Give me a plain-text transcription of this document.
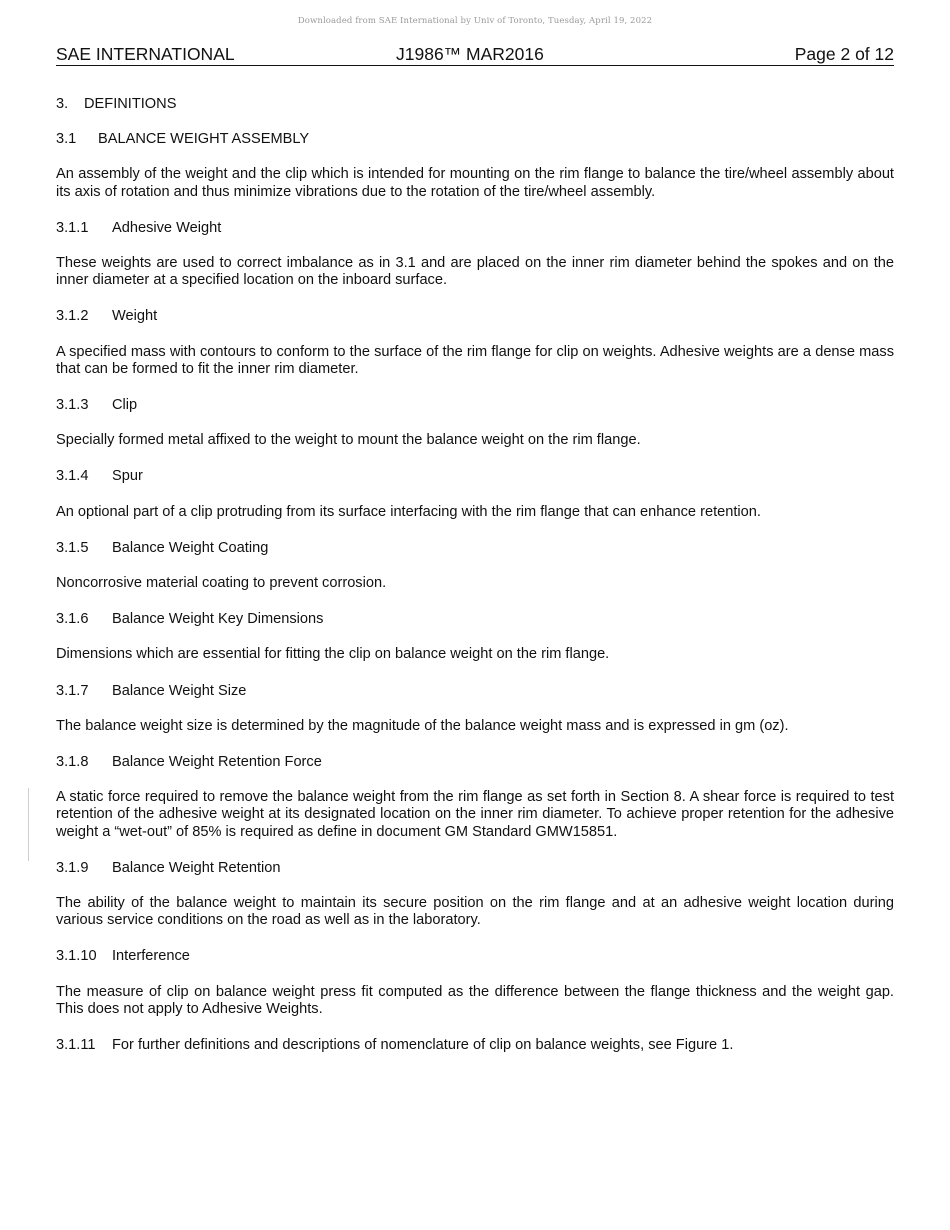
Downloaded from SAE International by Univ of Toronto, Tuesday, April 19, 2022
SAE INTERNATIONAL	J1986™ MAR2016	Page 2 of 12
3. DEFINITIONS
3.1 BALANCE WEIGHT ASSEMBLY
An assembly of the weight and the clip which is intended for mounting on the rim flange to balance the tire/wheel assembly about its axis of rotation and thus minimize vibrations due to the rotation of the tire/wheel assembly.
3.1.1 Adhesive Weight
These weights are used to correct imbalance as in 3.1 and are placed on the inner rim diameter behind the spokes and on the inner diameter at a specified location on the inboard surface.
3.1.2 Weight
A specified mass with contours to conform to the surface of the rim flange for clip on weights. Adhesive weights are a dense mass that can be formed to fit the inner rim diameter.
3.1.3 Clip
Specially formed metal affixed to the weight to mount the balance weight on the rim flange.
3.1.4 Spur
An optional part of a clip protruding from its surface interfacing with the rim flange that can enhance retention.
3.1.5 Balance Weight Coating
Noncorrosive material coating to prevent corrosion.
3.1.6 Balance Weight Key Dimensions
Dimensions which are essential for fitting the clip on balance weight on the rim flange.
3.1.7 Balance Weight Size
The balance weight size is determined by the magnitude of the balance weight mass and is expressed in gm (oz).
3.1.8 Balance Weight Retention Force
A static force required to remove the balance weight from the rim flange as set forth in Section 8. A shear force is required to test retention of the adhesive weight at its designated location on the inner rim diameter. To achieve proper retention for the adhesive weight a “wet-out” of 85% is required as define in document GM Standard GMW15851.
3.1.9 Balance Weight Retention
The ability of the balance weight to maintain its secure position on the rim flange and at an adhesive weight location during various service conditions on the road as well as in the laboratory.
3.1.10 Interference
The measure of clip on balance weight press fit computed as the difference between the flange thickness and the weight gap. This does not apply to Adhesive Weights.
3.1.11 For further definitions and descriptions of nomenclature of clip on balance weights, see Figure 1.
